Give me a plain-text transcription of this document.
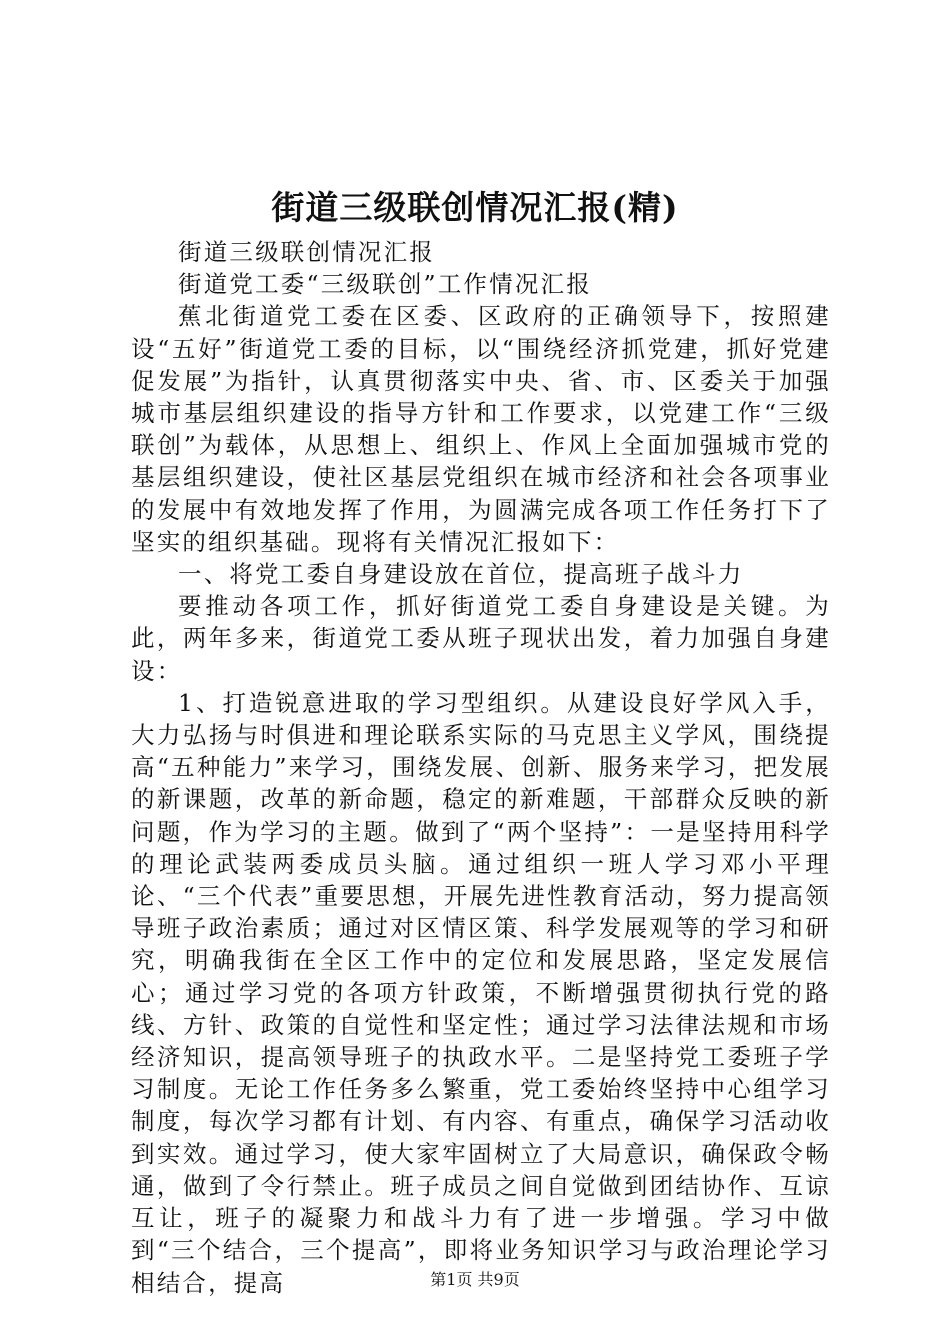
街道三级联创情况汇报(精)

街道三级联创情况汇报

街道党工委“三级联创”工作情况汇报

蕉北街道党工委在区委、区政府的正确领导下，按照建设“五好”街道党工委的目标，以“围绕经济抓党建，抓好党建促发展”为指针，认真贯彻落实中央、省、市、区委关于加强城市基层组织建设的指导方针和工作要求，以党建工作“三级联创”为载体，从思想上、组织上、作风上全面加强城市党的基层组织建设，使社区基层党组织在城市经济和社会各项事业的发展中有效地发挥了作用，为圆满完成各项工作任务打下了坚实的组织基础。现将有关情况汇报如下：

一、将党工委自身建设放在首位，提高班子战斗力

要推动各项工作，抓好街道党工委自身建设是关键。为此，两年多来，街道党工委从班子现状出发，着力加强自身建设：

1、打造锐意进取的学习型组织。从建设良好学风入手，大力弘扬与时俱进和理论联系实际的马克思主义学风，围绕提高“五种能力”来学习，围绕发展、创新、服务来学习，把发展的新课题，改革的新命题，稳定的新难题，干部群众反映的新问题，作为学习的主题。做到了“两个坚持”：一是坚持用科学的理论武装两委成员头脑。通过组织一班人学习邓小平理论、“三个代表”重要思想，开展先进性教育活动，努力提高领导班子政治素质；通过对区情区策、科学发展观等的学习和研究，明确我街在全区工作中的定位和发展思路，坚定发展信心；通过学习党的各项方针政策，不断增强贯彻执行党的路线、方针、政策的自觉性和坚定性；通过学习法律法规和市场经济知识，提高领导班子的执政水平。二是坚持党工委班子学习制度。无论工作任务多么繁重，党工委始终坚持中心组学习制度，每次学习都有计划、有内容、有重点，确保学习活动收到实效。通过学习，使大家牢固树立了大局意识，确保政令畅通，做到了令行禁止。班子成员之间自觉做到团结协作、互谅互让，班子的凝聚力和战斗力有了进一步增强。学习中做到“三个结合，三个提高”，即将业务知识学习与政治理论学习相结合，提高	第1页 共9页
